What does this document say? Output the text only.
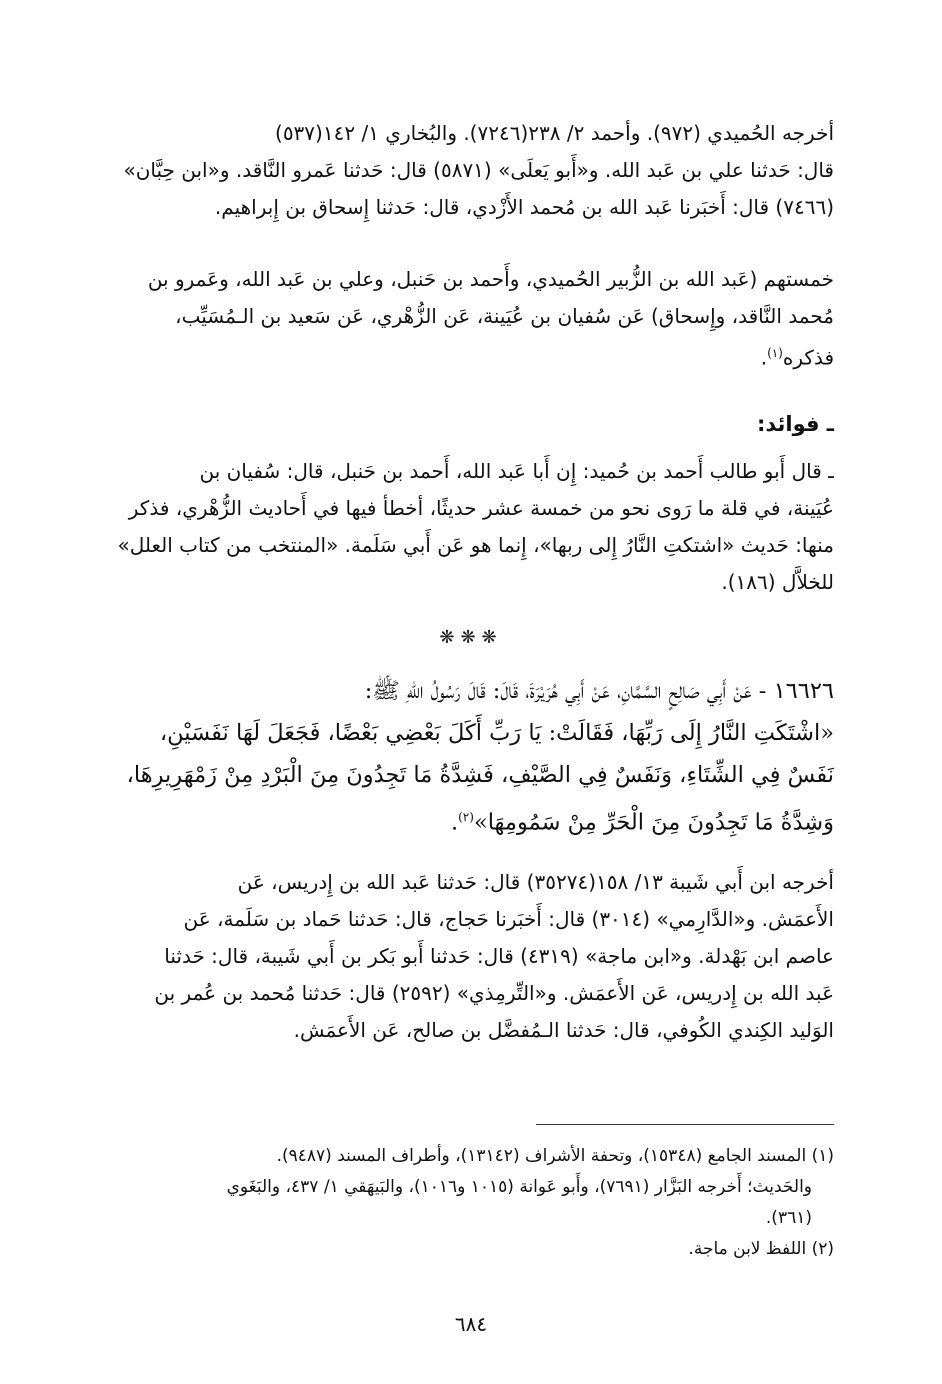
أخرجه الحُميدي (٩٧٢). وأحمد ٢/ ٢٣٨(٧٢٤٦). والبُخاري ١/ ١٤٢(٥٣٧)
قال: حَدثنا علي بن عَبد الله. و«أَبو يَعلَى» (٥٨٧١) قال: حَدثنا عَمرو النَّاقد. و«ابن حِبَّان»
(٧٤٦٦) قال: أَخبَرنا عَبد الله بن مُحمد الأَزْدي، قال: حَدثنا إِسحاق بن إِبراهيم.
خمستهم (عَبد الله بن الزُّبير الحُميدي، وأَحمد بن حَنبل، وعلي بن عَبد الله، وعَمرو بن
مُحمد النَّاقد، وإِسحاق) عَن سُفيان بن عُيَينة، عَن الزُّهْري، عَن سَعيد بن الـمُسَيِّب،
فذكره$^{(١)}$.
ـ فوائد:
ـ قال أَبو طالب أَحمد بن حُميد: إِن أَبا عَبد الله، أَحمد بن حَنبل، قال: سُفيان بن
عُيَينة، في قلة ما رَوى نحو من خمسة عشر حديثًا، أخطأ فيها في أَحاديث الزُّهْري، فذكر
منها: حَديث «اشتكتِ النَّارُ إِلى ربها»، إِنما هو عَن أَبي سَلَمة. «المنتخب من كتاب العلل»
للخلاَّل (١٨٦).
❋❋❋
١٦٦٢٦ - عَنْ أَبِي صَالِحٍ السَّمَّانِ، عَنْ أَبِي هُرَيْرَةَ، قَالَ: قَالَ رَسُولُ اللهِ ﷺ:
«اشْتَكَتِ النَّارُ إِلَى رَبِّهَا، فَقَالَتْ: يَا رَبِّ أَكَلَ بَعْضِي بَعْضًا، فَجَعَلَ لَهَا نَفَسَيْنِ،
نَفَسٌ فِي الشِّتَاءِ، وَنَفَسٌ فِي الصَّيْفِ، فَشِدَّةُ مَا تَجِدُونَ مِنَ الْبَرْدِ مِنْ زَمْهَرِيرِهَا،
وَشِدَّةُ مَا تَجِدُونَ مِنَ الْحَرِّ مِنْ سَمُومِهَا»$^{(٢)}$.
أخرجه ابن أَبي شَيبة ١٣/ ١٥٨(٣٥٢٧٤) قال: حَدثنا عَبد الله بن إِدريس، عَن
الأَعمَش. و«الدَّارِمي» (٣٠١٤) قال: أَخبَرنا حَجاج، قال: حَدثنا حَماد بن سَلَمة، عَن
عاصم ابن بَهْدلة. و«ابن ماجة» (٤٣١٩) قال: حَدثنا أَبو بَكر بن أَبي شَيبة، قال: حَدثنا
عَبد الله بن إِدريس، عَن الأَعمَش. و«التِّرمِذي» (٢٥٩٢) قال: حَدثنا مُحمد بن عُمر بن
الوَليد الكِندي الكُوفي، قال: حَدثنا الـمُفضَّل بن صالح، عَن الأَعمَش.
(١) المسند الجامع (١٥٣٤٨)، وتحفة الأشراف (١٣١٤٢)، وأطراف المسند (٩٤٨٧).
والحَديث؛ أَخرجه البَزَّار (٧٦٩١)، وأَبو عَوانة (١٠١٥ و١٠١٦)، والبَيهَقي ١/ ٤٣٧، والبَغَوي
(٣٦١).
(٢) اللفظ لابن ماجة.
٦٨٤
